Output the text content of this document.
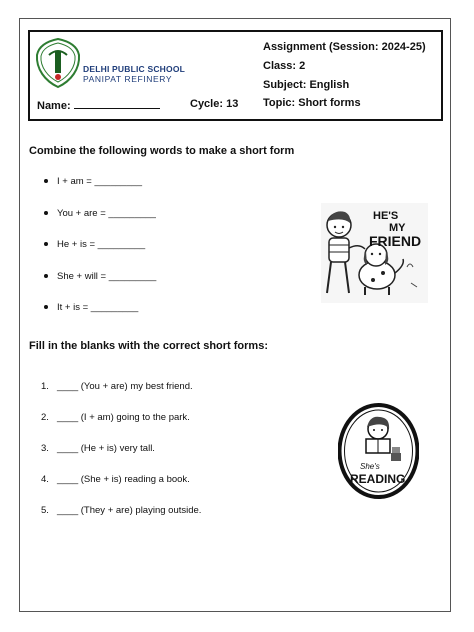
DELHI PUBLIC SCHOOL
PANIPAT REFINERY
Name:	Cycle: 13
Assignment (Session: 2024-25)
Class: 2
Subject: English
Topic: Short forms
Combine the following words to make a short form
I + am = _________
You + are = _________
He + is = _________
She + will = _________
It + is = _________
HE'S
MY
FRIEND
Fill in the blanks with the correct short forms:
1. ____ (You + are) my best friend.
2. ____ (I + am) going to the park.
3. ____ (He + is) very tall.
4. ____ (She + is) reading a book.
5. ____ (They + are) playing outside.
She's
READING
